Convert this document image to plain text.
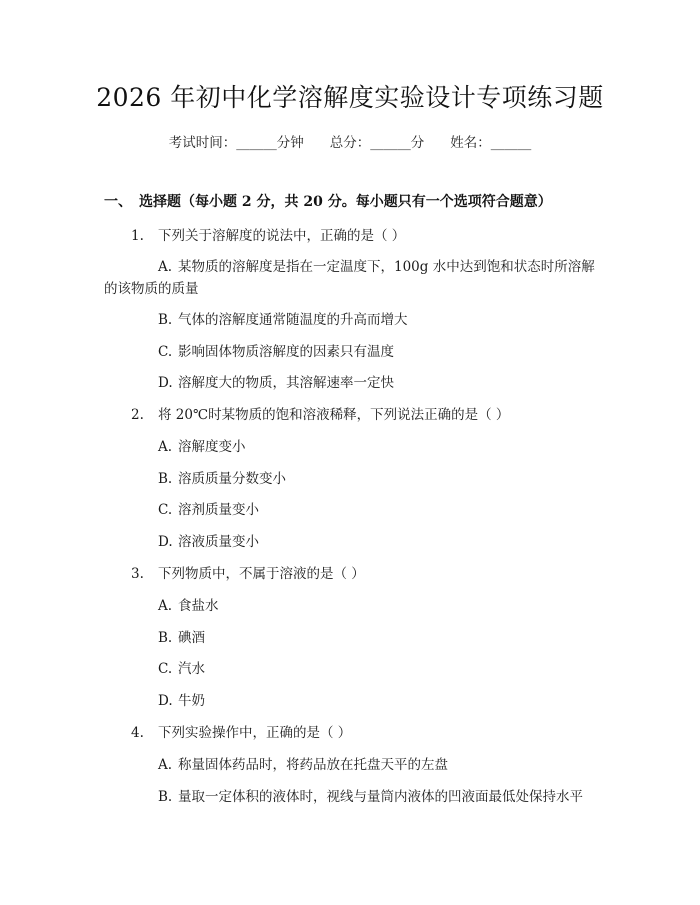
2026 年初中化学溶解度实验设计专项练习题
考试时间：______分钟 总分：______分 姓名：______
一、 选择题（每小题 2 分，共 20 分。每小题只有一个选项符合题意）
1. 下列关于溶解度的说法中，正确的是（ ）
A. 某物质的溶解度是指在一定温度下，100g 水中达到饱和状态时所溶解
的该物质的质量
B. 气体的溶解度通常随温度的升高而增大
C. 影响固体物质溶解度的因素只有温度
D. 溶解度大的物质，其溶解速率一定快
2. 将 20℃时某物质的饱和溶液稀释，下列说法正确的是（ ）
A. 溶解度变小
B. 溶质质量分数变小
C. 溶剂质量变小
D. 溶液质量变小
3. 下列物质中，不属于溶液的是（ ）
A. 食盐水
B. 碘酒
C. 汽水
D. 牛奶
4. 下列实验操作中，正确的是（ ）
A. 称量固体药品时，将药品放在托盘天平的左盘
B. 量取一定体积的液体时，视线与量筒内液体的凹液面最低处保持水平
